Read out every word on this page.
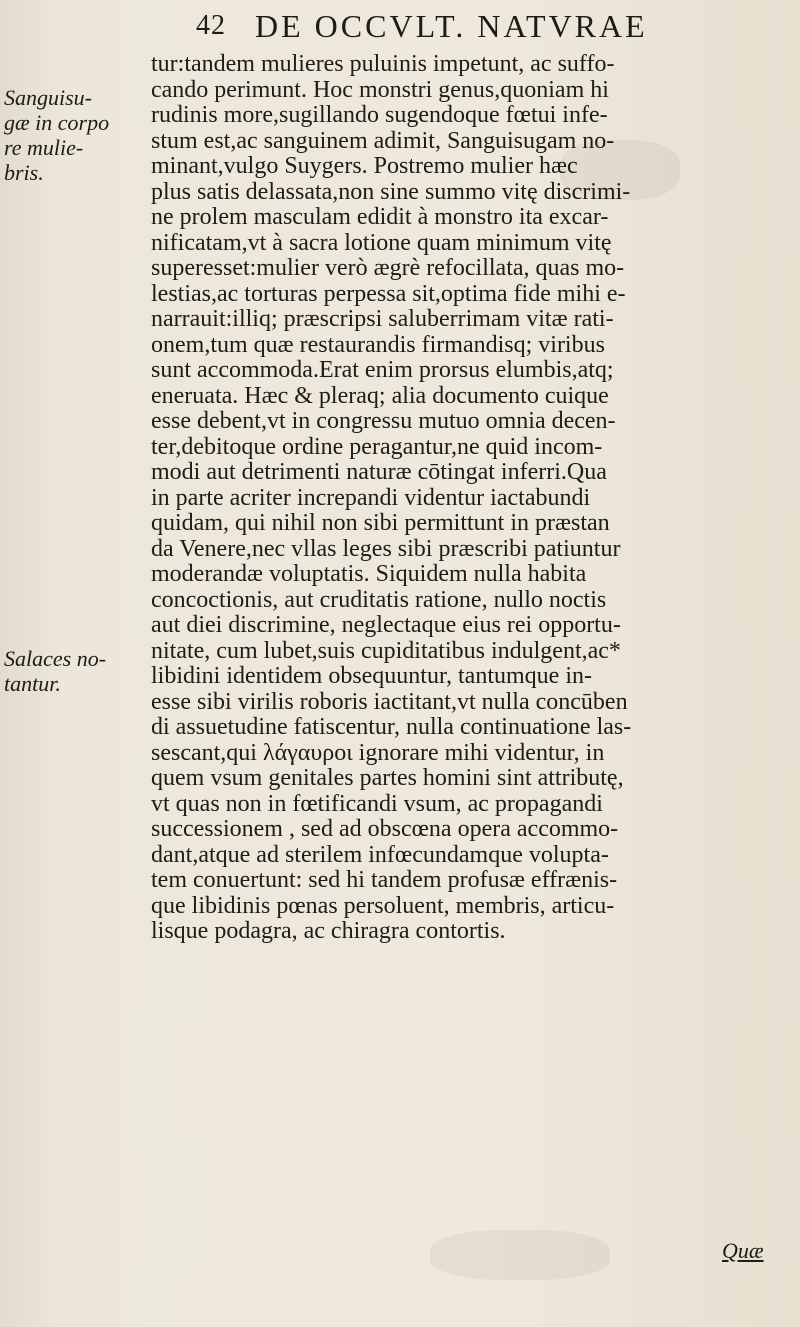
42 DE OCCVLT. NATVRAE
Sanguisu-
gæ in corpo
re mulie-
bris.
Salaces no-
tantur.
tur:tandem mulieres puluinis impetunt, ac suffo-
cando perimunt. Hoc monstri genus,quoniam hi
rudinis more,sugillando sugendoque fœtui infe-
stum est,ac sanguinem adimit, Sanguisugam no-
minant,vulgo Suygers. Postremo mulier hæc
plus satis delassata,non sine summo vitę discrimi-
ne prolem masculam edidit à monstro ita excar-
nificatam,vt à sacra lotione quam minimum vitę
superesset:mulier verò ægrè refocillata, quas mo-
lestias,ac torturas perpessa sit,optima fide mihi e-
narrauit:illiq; præscripsi saluberrimam vitæ rati-
onem,tum quæ restaurandis firmandisq; viribus
sunt accommoda.Erat enim prorsus elumbis,atq;
eneruata. Hæc & pleraq; alia documento cuique
esse debent,vt in congressu mutuo omnia decen-
ter,debitoque ordine peragantur,ne quid incom-
modi aut detrimenti naturæ cōtingat inferri.Qua
in parte acriter increpandi videntur iactabundi
quidam, qui nihil non sibi permittunt in præstan
da Venere,nec vllas leges sibi præscribi patiuntur
moderandæ voluptatis. Siquidem nulla habita
concoctionis, aut cruditatis ratione, nullo noctis
aut diei discrimine, neglectaque eius rei opportu-
nitate, cum lubet,suis cupiditatibus indulgent,ac*
libidini identidem obsequuntur, tantumque in-
esse sibi virilis roboris iactitant,vt nulla concūben
di assuetudine fatiscentur, nulla continuatione las-
sescant,qui λάγαυροι ignorare mihi videntur, in
quem vsum genitales partes homini sint attributę,
vt quas non in fœtificandi vsum, ac propagandi
successionem , sed ad obscœna opera accommo-
dant,atque ad sterilem infœcundamque volupta-
tem conuertunt: sed hi tandem profusæ effrænis-
que libidinis pœnas persoluent, membris, articu-
lisque podagra, ac chiragra contortis.
Quæ
